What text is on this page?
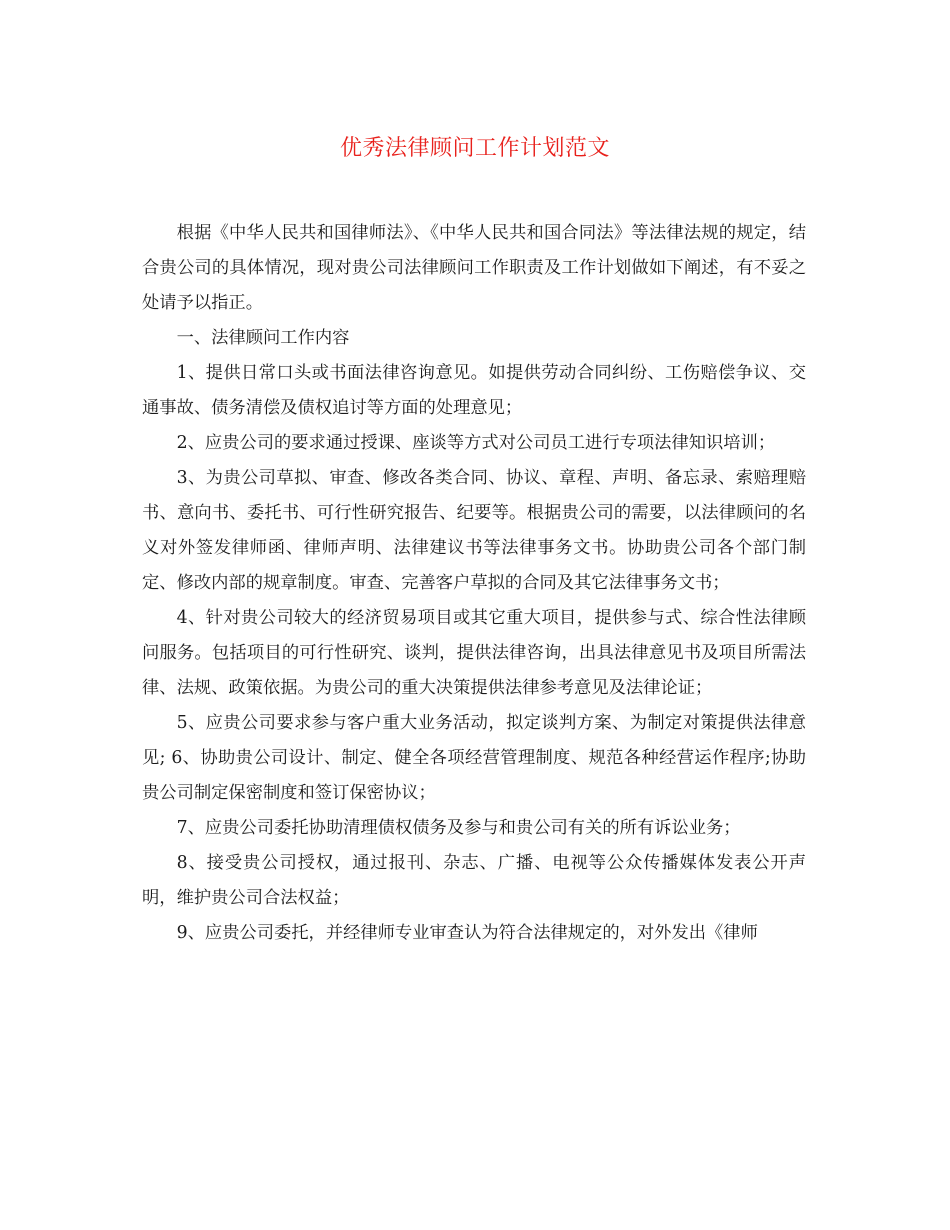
优秀法律顾问工作计划范文

根据《中华人民共和国律师法》、《中华人民共和国合同法》等法律法规的规定，结合贵公司的具体情况，现对贵公司法律顾问工作职责及工作计划做如下阐述，有不妥之处请予以指正。

一、法律顾问工作内容

1、提供日常口头或书面法律咨询意见。如提供劳动合同纠纷、工伤赔偿争议、交通事故、债务清偿及债权追讨等方面的处理意见；

2、应贵公司的要求通过授课、座谈等方式对公司员工进行专项法律知识培训；

3、为贵公司草拟、审查、修改各类合同、协议、章程、声明、备忘录、索赔理赔书、意向书、委托书、可行性研究报告、纪要等。根据贵公司的需要，以法律顾问的名义对外签发律师函、律师声明、法律建议书等法律事务文书。协助贵公司各个部门制定、修改内部的规章制度。审查、完善客户草拟的合同及其它法律事务文书；

4、针对贵公司较大的经济贸易项目或其它重大项目，提供参与式、综合性法律顾问服务。包括项目的可行性研究、谈判，提供法律咨询，出具法律意见书及项目所需法律、法规、政策依据。为贵公司的重大决策提供法律参考意见及法律论证；

5、应贵公司要求参与客户重大业务活动，拟定谈判方案、为制定对策提供法律意见; 6、协助贵公司设计、制定、健全各项经营管理制度、规范各种经营运作程序;协助贵公司制定保密制度和签订保密协议；

7、应贵公司委托协助清理债权债务及参与和贵公司有关的所有诉讼业务；

8、接受贵公司授权，通过报刊、杂志、广播、电视等公众传播媒体发表公开声明，维护贵公司合法权益；

9、应贵公司委托，并经律师专业审查认为符合法律规定的，对外发出《律师
